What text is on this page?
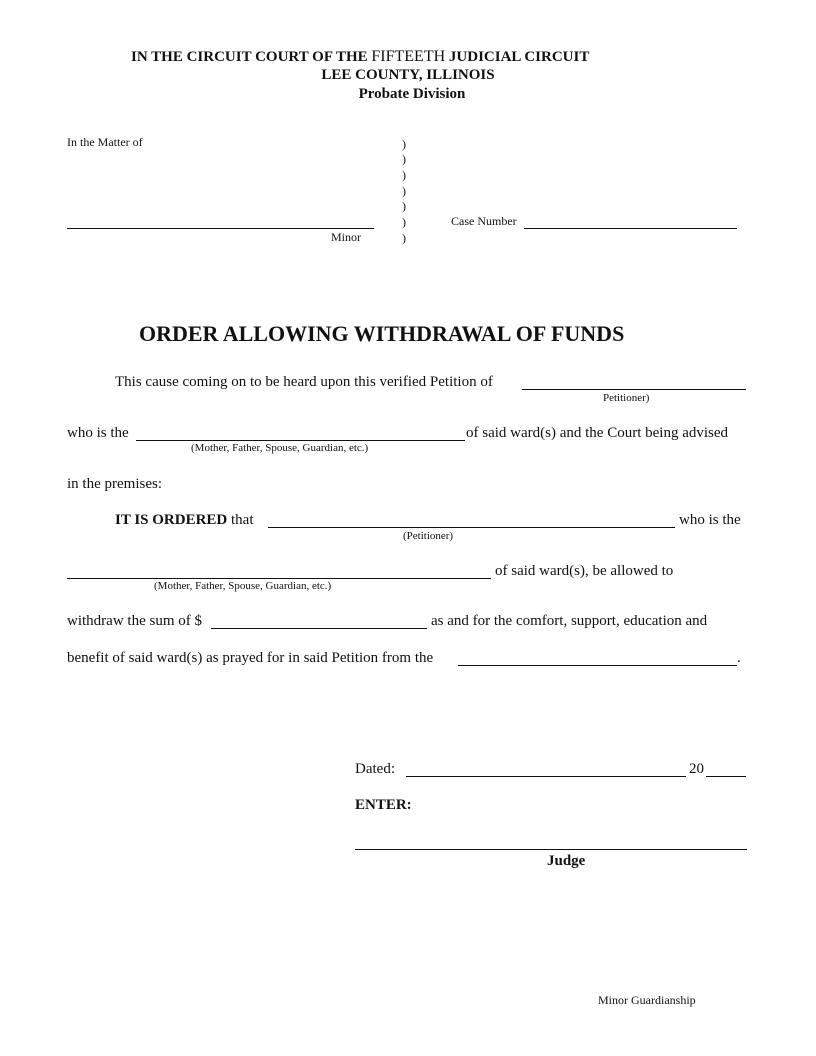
IN THE CIRCUIT COURT OF THE FIFTEETH JUDICIAL CIRCUIT
LEE COUNTY, ILLINOIS
Probate Division
In the Matter of	)
)
)
)
)
)
)
Minor
Case Number
ORDER ALLOWING WITHDRAWAL OF FUNDS
This cause coming on to be heard upon this verified Petition of
Petitioner)
who is the	of said ward(s) and the Court being advised
(Mother, Father, Spouse, Guardian, etc.)
in the premises:
IT IS ORDERED that	who is the
(Petitioner)
of said ward(s), be allowed to
(Mother, Father, Spouse, Guardian, etc.)
withdraw the sum of $	as and for the comfort, support, education and
benefit of said ward(s) as prayed for in said Petition from the	.
Dated:	20
ENTER:
Judge
Minor Guardianship
